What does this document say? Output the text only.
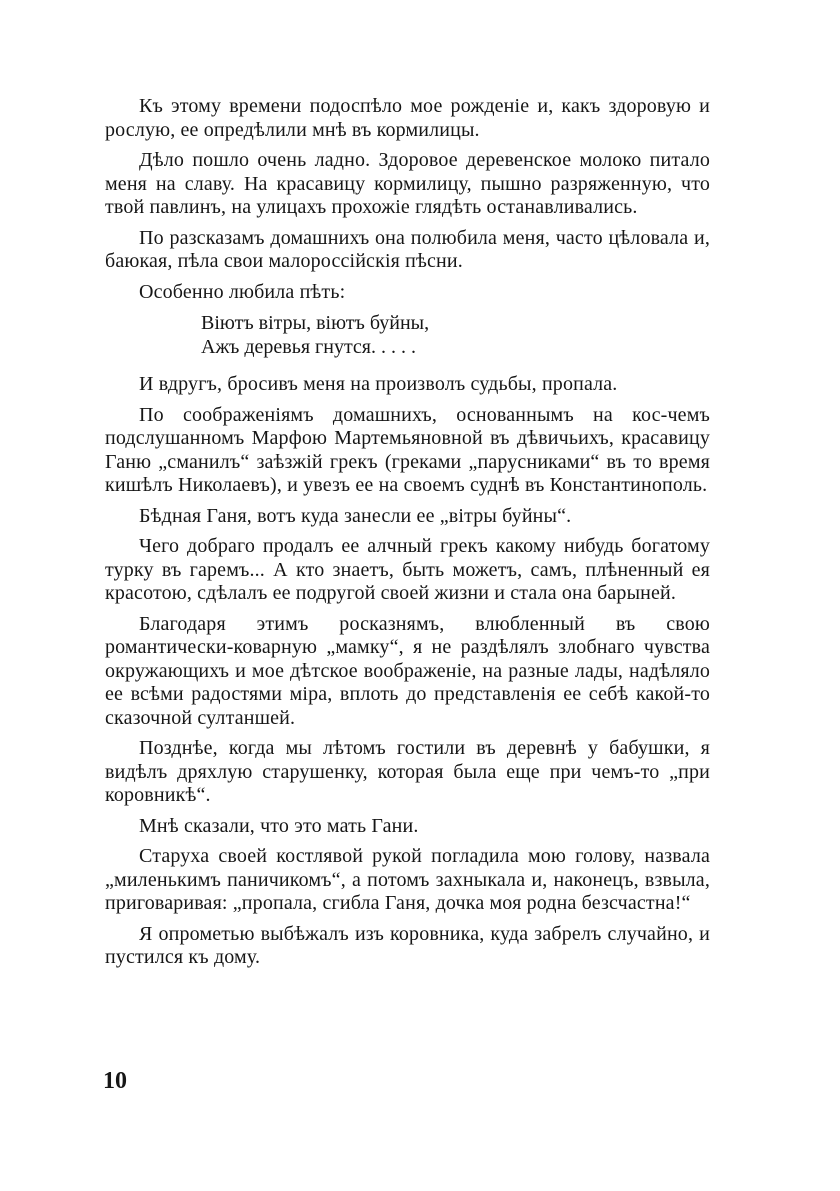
Къ этому времени подоспѣло мое рожденіе и, какъ здоровую и рослую, ее опредѣлили мнѣ въ кормилицы.

Дѣло пошло очень ладно. Здоровое деревенское молоко питало меня на славу. На красавицу кормилицу, пышно разряженную, что твой павлинъ, на улицахъ прохожіе глядѣть останавливались.

По разсказамъ домашнихъ она полюбила меня, часто цѣловала и, баюкая, пѣла свои малороссійскія пѣсни.

Особенно любила пѣть:

Віютъ вітры, віютъ буйны,
Ажъ деревья гнутся. . . . .

И вдругъ, бросивъ меня на произволъ судьбы, пропала.

По соображеніямъ домашнихъ, основаннымъ на кос-чемъ подслушанномъ Марфою Мартемьяновной въ дѣвичьихъ, красавицу Ганю „сманилъ“ заѣзжій грекъ (греками „парусниками“ въ то время кишѣлъ Николаевъ), и увезъ ее на своемъ суднѣ въ Константинополь.

Бѣдная Ганя, вотъ куда занесли ее „вітры буйны“.

Чего добраго продалъ ее алчный грекъ какому нибудь богатому турку въ гаремъ... А кто знаетъ, быть можетъ, самъ, плѣненный ея красотою, сдѣлалъ ее подругой своей жизни и стала она барыней.

Благодаря этимъ росказнямъ, влюбленный въ свою романтически-коварную „мамку“, я не раздѣлялъ злобнаго чувства окружающихъ и мое дѣтское воображеніе, на разные лады, надѣляло ее всѣми радостями міра, вплоть до представленія ее себѣ какой-то сказочной султаншей.

Позднѣе, когда мы лѣтомъ гостили въ деревнѣ у бабушки, я видѣлъ дряхлую старушенку, которая была еще при чемъ-то „при коровникѣ“.

Мнѣ сказали, что это мать Гани.

Старуха своей костлявой рукой погладила мою голову, назвала „миленькимъ паничикомъ“, а потомъ захныкала и, наконецъ, взвыла, приговаривая: „пропала, сгибла Ганя, дочка моя родна безсчастна!“

Я опрометью выбѣжалъ изъ коровника, куда забрелъ случайно, и пустился къ дому.

10
